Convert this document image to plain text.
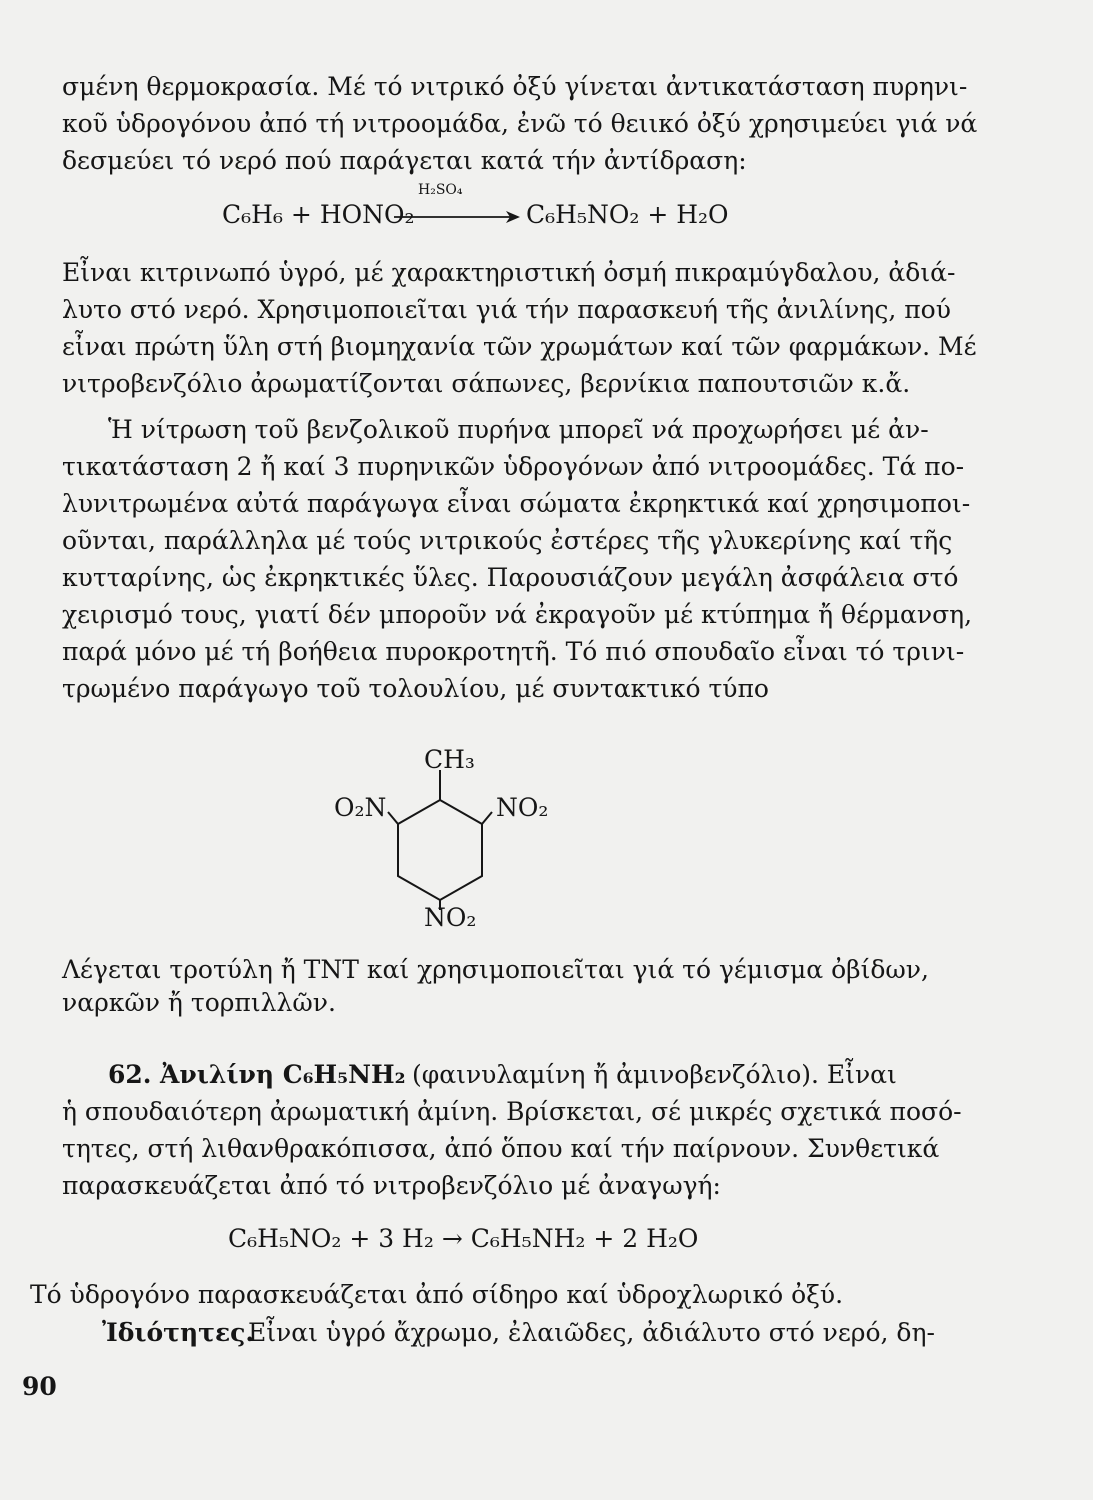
σμένη θερμοκρασία. Μέ τό νιτρικό ὀξύ γίνεται ἀντικατάσταση πυρηνι-
κοῦ ὑδρογόνου ἀπό τή νιτροομάδα, ἐνῶ τό θειικό ὀξύ χρησιμεύει γιά νά
δεσμεύει τό νερό πού παράγεται κατά τήν ἀντίδραση:
C₆H₆ + HONO₂
H₂SO₄
C₆H₅NO₂ + H₂O
Εἶναι κιτρινωπό ὑγρό, μέ χαρακτηριστική ὀσμή πικραμύγδαλου, ἀδιά-
λυτο στό νερό. Χρησιμοποιεῖται γιά τήν παρασκευή τῆς ἀνιλίνης, πού
εἶναι πρώτη ὕλη στή βιομηχανία τῶν χρωμάτων καί τῶν φαρμάκων. Μέ
νιτροβενζόλιο ἀρωματίζονται σάπωνες, βερνίκια παπουτσιῶν κ.ἄ.
Ἡ νίτρωση τοῦ βενζολικοῦ πυρήνα μπορεῖ νά προχωρήσει μέ ἀν-
τικατάσταση 2 ἤ καί 3 πυρηνικῶν ὑδρογόνων ἀπό νιτροομάδες. Τά πο-
λυνιτρωμένα αὐτά παράγωγα εἶναι σώματα ἐκρηκτικά καί χρησιμοποι-
οῦνται, παράλληλα μέ τούς νιτρικούς ἐστέρες τῆς γλυκερίνης καί τῆς
κυτταρίνης, ὡς ἐκρηκτικές ὕλες. Παρουσιάζουν μεγάλη ἀσφάλεια στό
χειρισμό τους, γιατί δέν μποροῦν νά ἐκραγοῦν μέ κτύπημα ἤ θέρμανση,
παρά μόνο μέ τή βοήθεια πυροκροτητῆ. Τό πιό σπουδαῖο εἶναι τό τρινι-
τρωμένο παράγωγο τοῦ τολουλίου, μέ συντακτικό τύπο
CH₃
O₂N	NO₂
NO₂
Λέγεται τροτύλη ἤ TNT καί χρησιμοποιεῖται γιά τό γέμισμα ὀβίδων,
ναρκῶν ἤ τορπιλλῶν.
62. Ἀνιλίνη C₆H₅NH₂ (φαινυλαμίνη ἤ ἀμινοβενζόλιο). Εἶναι
ἡ σπουδαιότερη ἀρωματική ἀμίνη. Βρίσκεται, σέ μικρές σχετικά ποσό-
τητες, στή λιθανθρακόπισσα, ἀπό ὅπου καί τήν παίρνουν. Συνθετικά
παρασκευάζεται ἀπό τό νιτροβενζόλιο μέ ἀναγωγή:
C₆H₅NO₂ + 3 H₂ → C₆H₅NH₂ + 2 H₂O
Τό ὑδρογόνο παρασκευάζεται ἀπό σίδηρο καί ὑδροχλωρικό ὀξύ.
Ἰδιότητες.
Εἶναι ὑγρό ἄχρωμο, ἐλαιῶδες, ἀδιάλυτο στό νερό, δη-
90
